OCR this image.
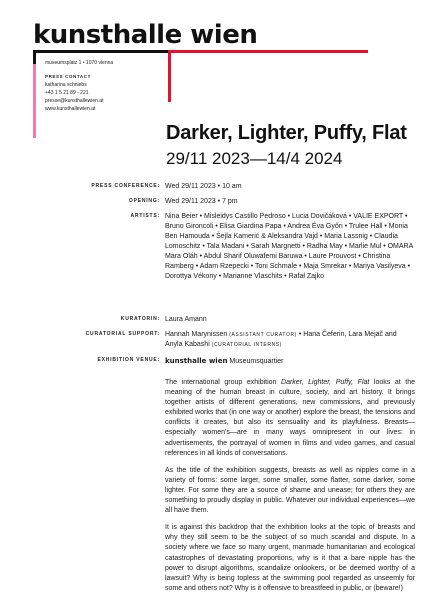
kunsthalle wien
museumsplatz 1 • 1070 vienna
PRESS CONTACT
katharina schniebs
+43 1 5 21 89 - 221
presse@kunsthallewien.at
www.kunsthallewien.at
Darker, Lighter, Puffy, Flat
29/11 2023—14/4 2024
PRESS CONFERENCE: Wed 29/11 2023 • 10 am
OPENING: Wed 29/11 2023 • 7 pm
ARTISTS: Nina Beier • Misleidys Castillo Pedroso • Lucia Dovičáková • VALIE EXPORT • Bruno Gironcoli • Elisa Giardina Papa • Andrea Éva Győri • Trulee Hall • Monia Ben Hamouda • Šejla Kamerić & Aleksandra Vajd • Maria Lassnig • Claudia Lomoschitz • Tala Madani • Sarah Margnetti • Radha May • Marlie Mul • OMARA Mara Oláh • Abdul Sharif Oluwafemi Baruwa • Laure Prouvost • Christina Ramberg • Adam Rzepecki • Toni Schmale • Maja Smrekar • Mariya Vasilyeva • Dorottya Vékony • Marianne Vlaschits • Rafał Zajko
KURATORIN: Laura Amann
CURATORIAL SUPPORT: Hannah Marynissen (ASSISTANT CURATOR) • Hana Čeferin, Lara Mejač and Anyla Kabashi (CURATORIAL INTERNS)
EXHIBITION VENUE: kunsthalle wien Museumsquartier

The international group exhibition Darker, Lighter, Puffy, Flat looks at the meaning of the human breast in culture, society, and art history. It brings together artists of different generations, new commissions, and previously exhibited works that (in one way or another) explore the breast, the tensions and conflicts it creates, but also its sensuality and its playfulness. Breasts—especially women's—are in many ways omnipresent in our lives: in advertisements, the portrayal of women in films and video games, and casual references in all kinds of conversations.

As the title of the exhibition suggests, breasts as well as nipples come in a variety of forms: some larger, some smaller, some flatter, some darker, some lighter. For some they are a source of shame and unease; for others they are something to proudly display in public. Whatever our individual experiences—we all have them.

It is against this backdrop that the exhibition looks at the topic of breasts and why they still seem to be the subject of so much scandal and dispute. In a society where we face so many urgent, manmade humanitarian and ecological catastrophes of devastating proportions, why is it that a bare nipple has the power to disrupt algorithms, scandalize onlookers, or be deemed worthy of a lawsuit? Why is being topless at the swimming pool regarded as unseemly for some and others not? Why is it offensive to breastfeed in public, or (beware!)
